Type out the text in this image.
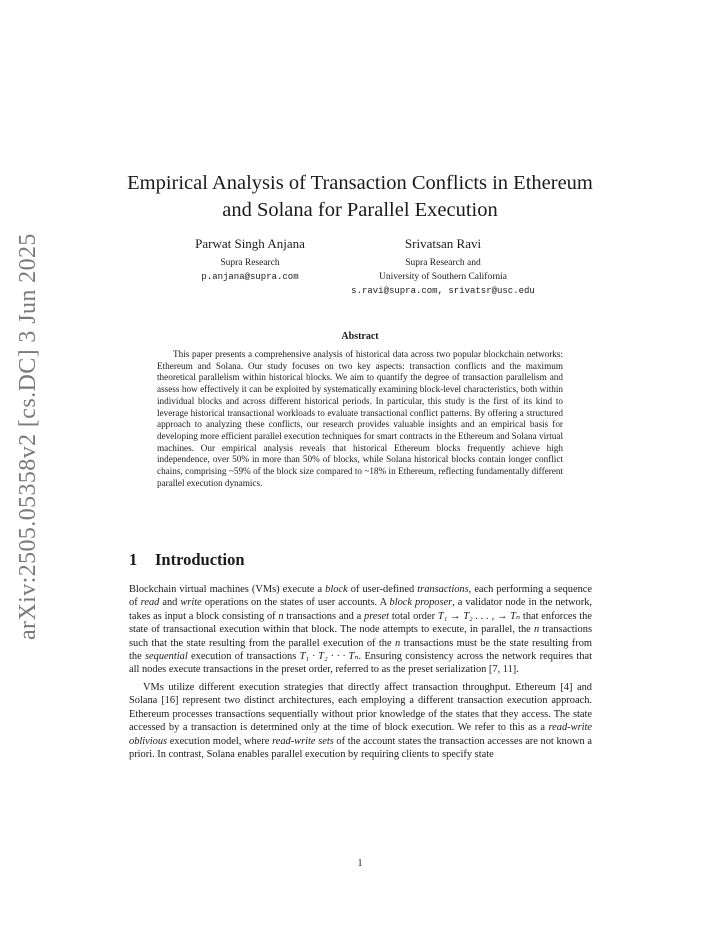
arXiv:2505.05358v2 [cs.DC] 3 Jun 2025
Empirical Analysis of Transaction Conflicts in Ethereum
and Solana for Parallel Execution
Parwat Singh Anjana
Supra Research
p.anjana@supra.com
Srivatsan Ravi
Supra Research and
University of Southern California
s.ravi@supra.com, srivatsr@usc.edu
Abstract

This paper presents a comprehensive analysis of historical data across two popular blockchain networks: Ethereum and Solana. Our study focuses on two key aspects: transaction conflicts and the maximum theoretical parallelism within historical blocks. We aim to quantify the degree of transaction parallelism and assess how effectively it can be exploited by systematically examining block-level characteristics, both within individual blocks and across different historical periods. In particular, this study is the first of its kind to leverage historical transactional workloads to evaluate transactional conflict patterns. By offering a structured approach to analyzing these conflicts, our research provides valuable insights and an empirical basis for developing more efficient parallel execution techniques for smart contracts in the Ethereum and Solana virtual machines. Our empirical analysis reveals that historical Ethereum blocks frequently achieve high independence, over 50% in more than 50% of blocks, while Solana historical blocks contain longer conflict chains, comprising ~59% of the block size compared to ~18% in Ethereum, reflecting fundamentally different parallel execution dynamics.

1 Introduction

Blockchain virtual machines (VMs) execute a block of user-defined transactions, each performing a sequence of read and write operations on the states of user accounts. A block proposer, a validator node in the network, takes as input a block consisting of n transactions and a preset total order T₁ → T₂ . . . , → Tₙ that enforces the state of transactional execution within that block. The node attempts to execute, in parallel, the n transactions such that the state resulting from the parallel execution of the n transactions must be the state resulting from the sequential execution of transactions T₁ · T₂ · · · Tₙ. Ensuring consistency across the network requires that all nodes execute transactions in the preset order, referred to as the preset serialization [7, 11].

VMs utilize different execution strategies that directly affect transaction throughput. Ethereum [4] and Solana [16] represent two distinct architectures, each employing a different transaction execution approach. Ethereum processes transactions sequentially without prior knowledge of the states that they access. The state accessed by a transaction is determined only at the time of block execution. We refer to this as a read-write oblivious execution model, where read-write sets of the account states the transaction accesses are not known a priori. In contrast, Solana enables parallel execution by requiring clients to specify state

1
